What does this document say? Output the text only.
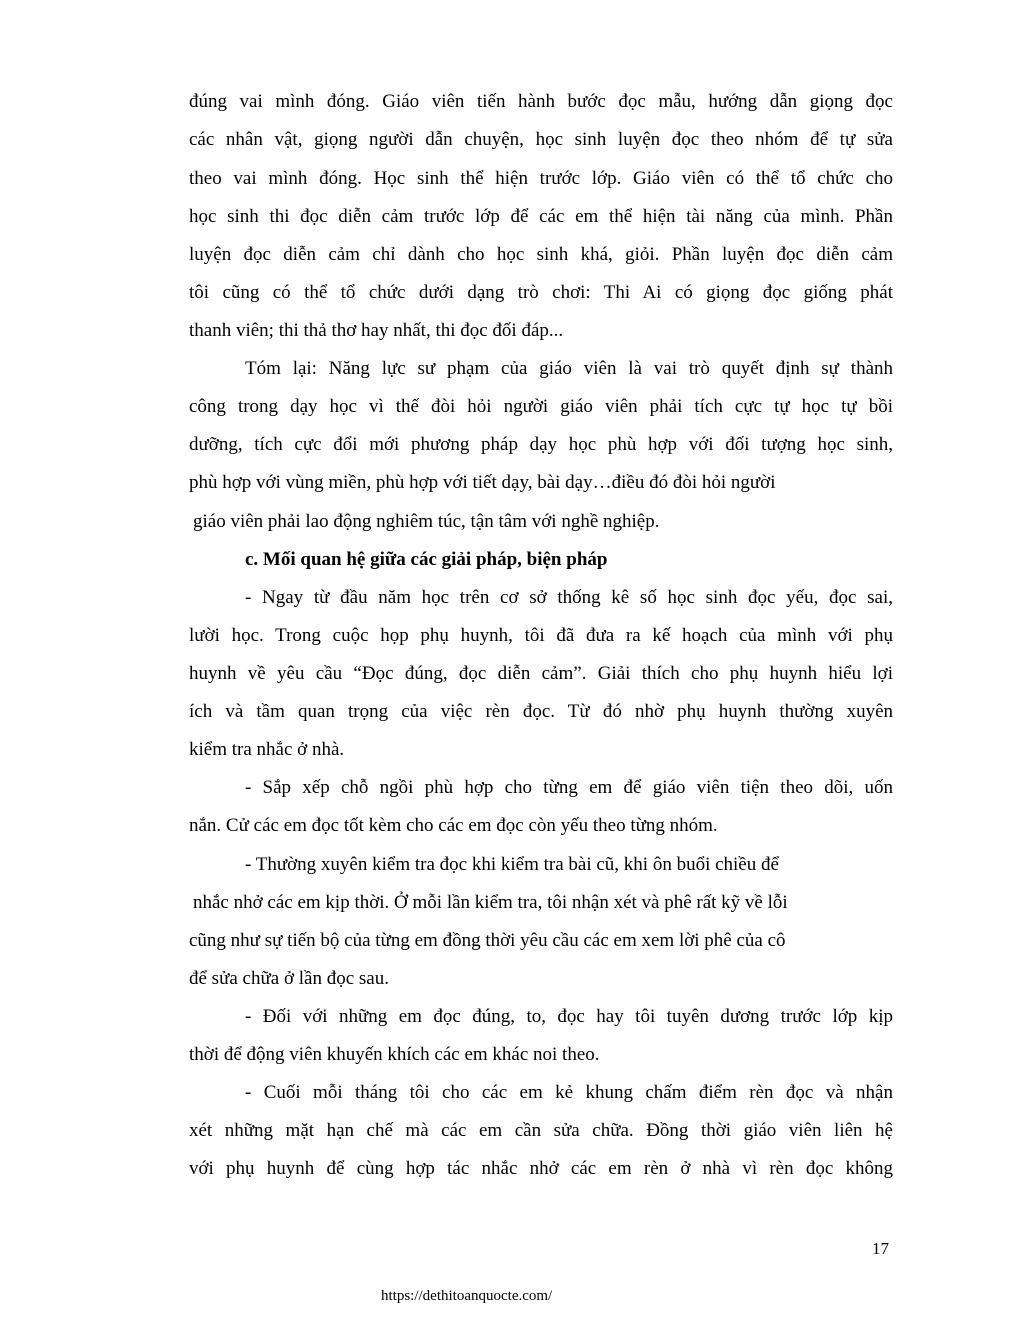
đúng vai mình đóng. Giáo viên tiến hành bước đọc mẫu, hướng dẫn giọng đọc

các nhân vật, giọng người dẫn chuyện, học sinh luyện đọc theo nhóm để tự sửa

theo vai mình đóng. Học sinh thể hiện trước lớp. Giáo viên có thể tổ chức cho

học sinh thi đọc diễn cảm trước lớp để các em thể hiện tài năng của mình. Phần

luyện đọc diễn cảm chỉ dành cho học sinh khá, giỏi. Phần luyện đọc diễn cảm

tôi cũng có thể tổ chức dưới dạng trò chơi: Thi Ai có giọng đọc giống phát

thanh viên; thi thả thơ hay nhất, thi đọc đối đáp...

Tóm lại: Năng lực sư phạm của giáo viên là vai trò quyết định sự thành

công trong dạy học vì thế đòi hỏi người giáo viên phải tích cực tự học tự bồi

dưỡng, tích cực đổi mới phương pháp dạy học phù hợp với đối tượng học sinh,

phù hợp với vùng miền, phù hợp với tiết dạy, bài dạy…điều đó đòi hỏi người

giáo viên phải lao động nghiêm túc, tận tâm với nghề nghiệp.

c. Mối quan hệ giữa các giải pháp, biện pháp

- Ngay từ đầu năm học trên cơ sở thống kê số học sinh đọc yếu, đọc sai,

lười học. Trong cuộc họp phụ huynh, tôi đã đưa ra kế hoạch của mình với phụ

huynh về yêu cầu “Đọc đúng, đọc diễn cảm”. Giải thích cho phụ huynh hiểu lợi

ích và tầm quan trọng của việc rèn đọc. Từ đó nhờ phụ huynh thường xuyên

kiểm tra nhắc ở nhà.

- Sắp xếp chỗ ngồi phù hợp cho từng em để giáo viên tiện theo dõi, uốn

nắn. Cử các em đọc tốt kèm cho các em đọc còn yếu theo từng nhóm.

- Thường xuyên kiểm tra đọc khi kiểm tra bài cũ, khi ôn buổi chiều để

nhắc nhở các em kịp thời. Ở mỗi lần kiểm tra, tôi nhận xét và phê rất kỹ về lỗi

cũng như sự tiến bộ của từng em đồng thời yêu cầu các em xem lời phê của cô

để sửa chữa ở lần đọc sau.

- Đối với những em đọc đúng, to, đọc hay tôi tuyên dương trước lớp kịp

thời để động viên khuyến khích các em khác noi theo.

- Cuối mỗi tháng tôi cho các em kẻ khung chấm điểm rèn đọc và nhận

xét những mặt hạn chế mà các em cần sửa chữa. Đồng thời giáo viên liên hệ

với phụ huynh để cùng hợp tác nhắc nhở các em rèn ở nhà vì rèn đọc không

17
https://dethitoanquocte.com/
